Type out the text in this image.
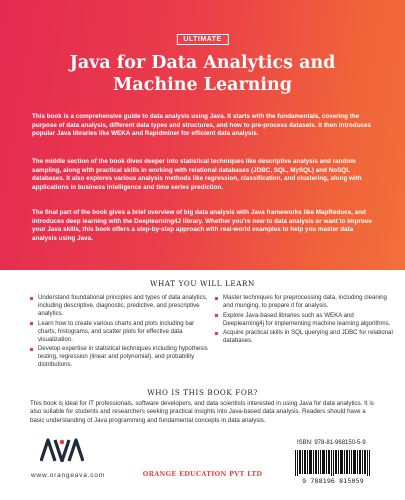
ULTIMATE
Java for Data Analytics and
Machine Learning

This book is a comprehensive guide to data analysis using Java. It starts with the fundamentals, covering the purpose of data analysis, different data types and structures, and how to pre-process datasets. It then introduces popular Java libraries like WEKA and Rapidminer for efficient data analysis.

The middle section of the book dives deeper into statistical techniques like descriptive analysis and random sampling, along with practical skills in working with relational databases (JDBC, SQL, MySQL) and NoSQL databases. It also explores various analysis methods like regression, classification, and clustering, along with applications in business intelligence and time series prediction.

The final part of the book gives a brief overview of big data analysis with Java frameworks like MapReduce, and introduces deep learning with the Deeplearning4J library. Whether you're new to data analysis or want to improve your Java skills, this book offers a step-by-step approach with real-world examples to help you master data analysis using Java.

WHAT YOU WILL LEARN
Understand foundational principles and types of data analytics, including descriptive, diagnostic, predictive, and prescriptive analytics.
Learn how to create various charts and plots including bar charts, histograms, and scatter plots for effective data visualization.
Develop expertise in statistical techniques including hypothesis testing, regression (linear and polynomial), and probability distributions.
Master techniques for preprocessing data, including cleaning and munging, to prepare it for analysis.
Explore Java-based libraries such as WEKA and Deeplearning4j for implementing machine learning algorithms.
Acquire practical skills in SQL querying and JDBC for relational databases.
WHO IS THIS BOOK FOR?

This book is ideal for IT professionals, software developers, and data scientists interested in using Java for data analytics. It is also suitable for students and researchers seeking practical insights into Java-based data analysis. Readers should have a basic understanding of Java programming and fundamental concepts in data analysis.

www.orangeava.com	ORANGE EDUCATION PVT LTD
ISBN: 978-81-968150-5-9
9 788196 815059
